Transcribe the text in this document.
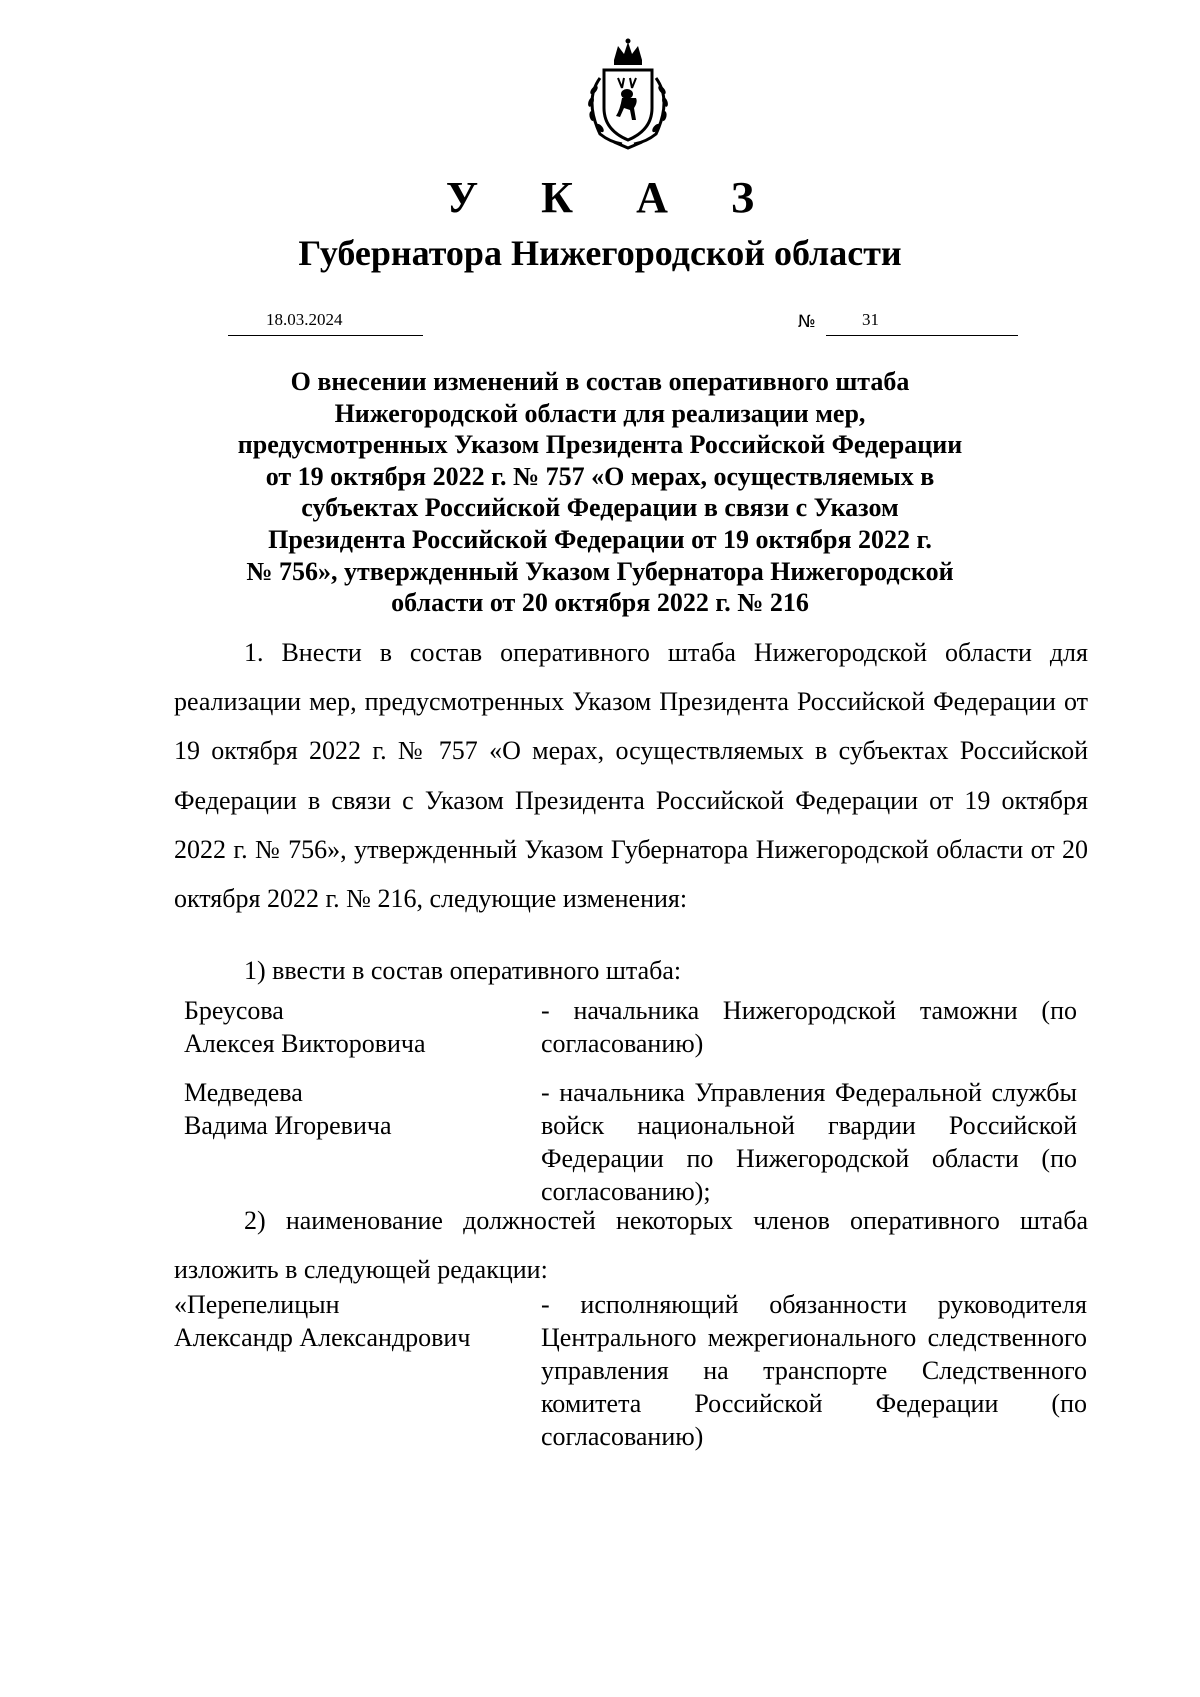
У К А З
Губернатора Нижегородской области
18.03.2024	№	31
О внесении изменений в состав оперативного штаба
Нижегородской области для реализации мер,
предусмотренных Указом Президента Российской Федерации
от 19 октября 2022 г. № 757 «О мерах, осуществляемых в
субъектах Российской Федерации в связи с Указом
Президента Российской Федерации от 19 октября 2022 г.
№ 756», утвержденный Указом Губернатора Нижегородской
области от 20 октября 2022 г. № 216
1. Внести в состав оперативного штаба Нижегородской области для реализации мер, предусмотренных Указом Президента Российской Федерации от 19 октября 2022 г. № 757 «О мерах, осуществляемых в субъектах Российской Федерации в связи с Указом Президента Российской Федерации от 19 октября 2022 г. № 756», утвержденный Указом Губернатора Нижегородской области от 20 октября 2022 г. № 216, следующие изменения:
1) ввести в состав оперативного штаба:
Бреусова
Алексея Викторовича
- начальника Нижегородской таможни (по согласованию)
Медведева
Вадима Игоревича
- начальника Управления Федеральной службы войск национальной гвардии Российской Федерации по Нижегородской области (по согласованию);
2) наименование должностей некоторых членов оперативного штаба изложить в следующей редакции:
«Перепелицын
Александр Александрович
- исполняющий обязанности руководителя Центрального межрегионального следственного управления на транспорте Следственного комитета Российской Федерации (по согласованию)
